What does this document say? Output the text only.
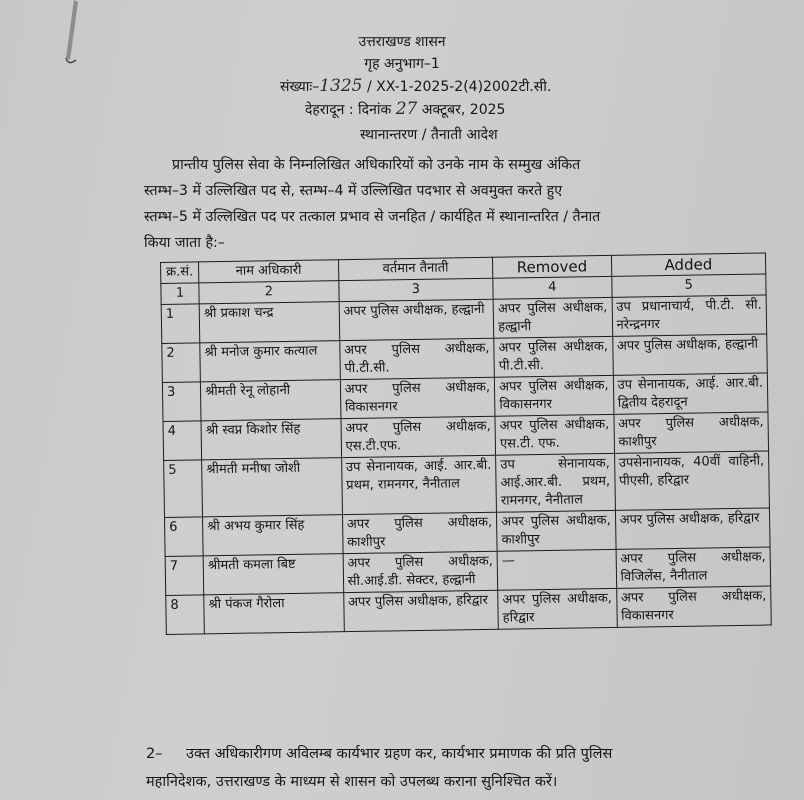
उत्तराखण्ड शासन
गृह अनुभाग–1
संख्याः–1325 / XX-1-2025-2(4)2002टी.सी.
देहरादून : दिनांक 27 अक्टूबर, 2025
स्थानान्तरण / तैनाती आदेश
प्रान्तीय पुलिस सेवा के निम्नलिखित अधिकारियों को उनके नाम के सम्मुख अंकित
स्तम्भ–3 में उल्लिखित पद से, स्तम्भ–4 में उल्लिखित पदभार से अवमुक्त करते हुए
स्तम्भ–5 में उल्लिखित पद पर तत्काल प्रभाव से जनहित / कार्यहित में स्थानान्तरित / तैनात
किया जाता है:–
क्र.सं.	नाम अधिकारी	वर्तमान तैनाती	Removed	Added
1	2	3	4	5
1	श्री प्रकाश चन्द्र	अपर पुलिस अधीक्षक, हल्द्वानी	अपर पुलिस अधीक्षक, हल्द्वानी	उप प्रधानाचार्य, पी.टी. सी. नरेन्द्रनगर
2	श्री मनोज कुमार कत्याल	अपर पुलिस अधीक्षक, पी.टी.सी.	अपर पुलिस अधीक्षक, पी.टी.सी.	अपर पुलिस अधीक्षक, हल्द्वानी
3	श्रीमती रेनू लोहानी	अपर पुलिस अधीक्षक, विकासनगर	अपर पुलिस अधीक्षक, विकासनगर	उप सेनानायक, आई. आर.बी. द्वितीय देहरादून
4	श्री स्वप्न किशोर सिंह	अपर पुलिस अधीक्षक, एस.टी.एफ.	अपर पुलिस अधीक्षक, एस.टी. एफ.	अपर पुलिस अधीक्षक, काशीपुर
5	श्रीमती मनीषा जोशी	उप सेनानायक, आई. आर.बी. प्रथम, रामनगर, नैनीताल	उप सेनानायक, आई.आर.बी. प्रथम, रामनगर, नैनीताल	उपसेनानायक, 40वीं वाहिनी, पीएसी, हरिद्वार
6	श्री अभय कुमार सिंह	अपर पुलिस अधीक्षक, काशीपुर	अपर पुलिस अधीक्षक, काशीपुर	अपर पुलिस अधीक्षक, हरिद्वार
7	श्रीमती कमला बिष्ट	अपर पुलिस अधीक्षक, सी.आई.डी. सेक्टर, हल्द्वानी	—	अपर पुलिस अधीक्षक, विजिलेंस, नैनीताल
8	श्री पंकज गैरोला	अपर पुलिस अधीक्षक, हरिद्वार	अपर पुलिस अधीक्षक, हरिद्वार	अपर पुलिस अधीक्षक, विकासनगर
2– उक्त अधिकारीगण अविलम्ब कार्यभार ग्रहण कर, कार्यभार प्रमाणक की प्रति पुलिस
महानिदेशक, उत्तराखण्ड के माध्यम से शासन को उपलब्ध कराना सुनिश्चित करें।
